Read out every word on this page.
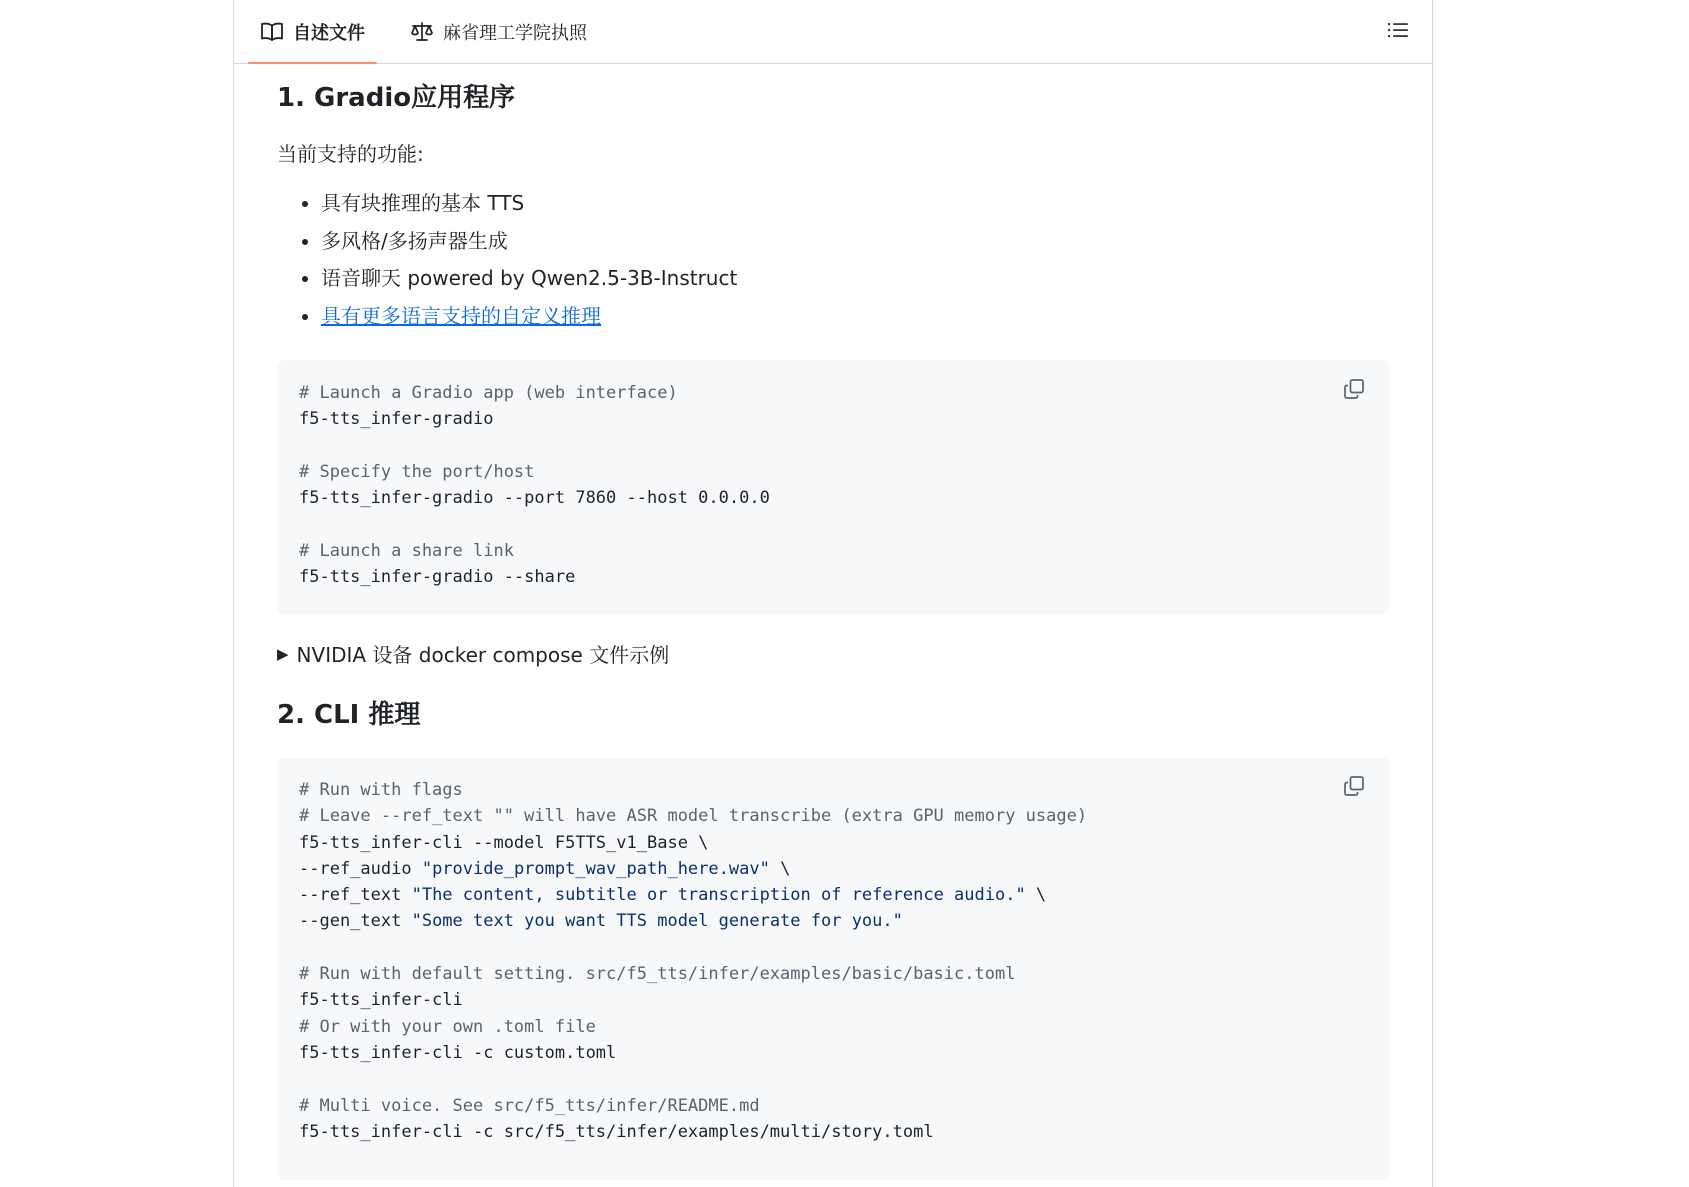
自述文件	麻省理工学院执照
1. Gradio应用程序

当前支持的功能:

• 具有块推理的基本 TTS
• 多风格/多扬声器生成
• 语音聊天 powered by Qwen2.5-3B-Instruct
• 具有更多语言支持的自定义推理
# Launch a Gradio app (web interface)
f5-tts_infer-gradio
# Specify the port/host
f5-tts_infer-gradio --port 7860 --host 0.0.0.0
# Launch a share link
f5-tts_infer-gradio --share
▶ NVIDIA 设备 docker compose 文件示例
2. CLI 推理
# Run with flags
# Leave --ref_text "" will have ASR model transcribe (extra GPU memory usage)
f5-tts_infer-cli --model F5TTS_v1_Base \
--ref_audio "provide_prompt_wav_path_here.wav" \
--ref_text "The content, subtitle or transcription of reference audio." \
--gen_text "Some text you want TTS model generate for you."
# Run with default setting. src/f5_tts/infer/examples/basic/basic.toml
f5-tts_infer-cli
# Or with your own .toml file
f5-tts_infer-cli -c custom.toml
# Multi voice. See src/f5_tts/infer/README.md
f5-tts_infer-cli -c src/f5_tts/infer/examples/multi/story.toml
